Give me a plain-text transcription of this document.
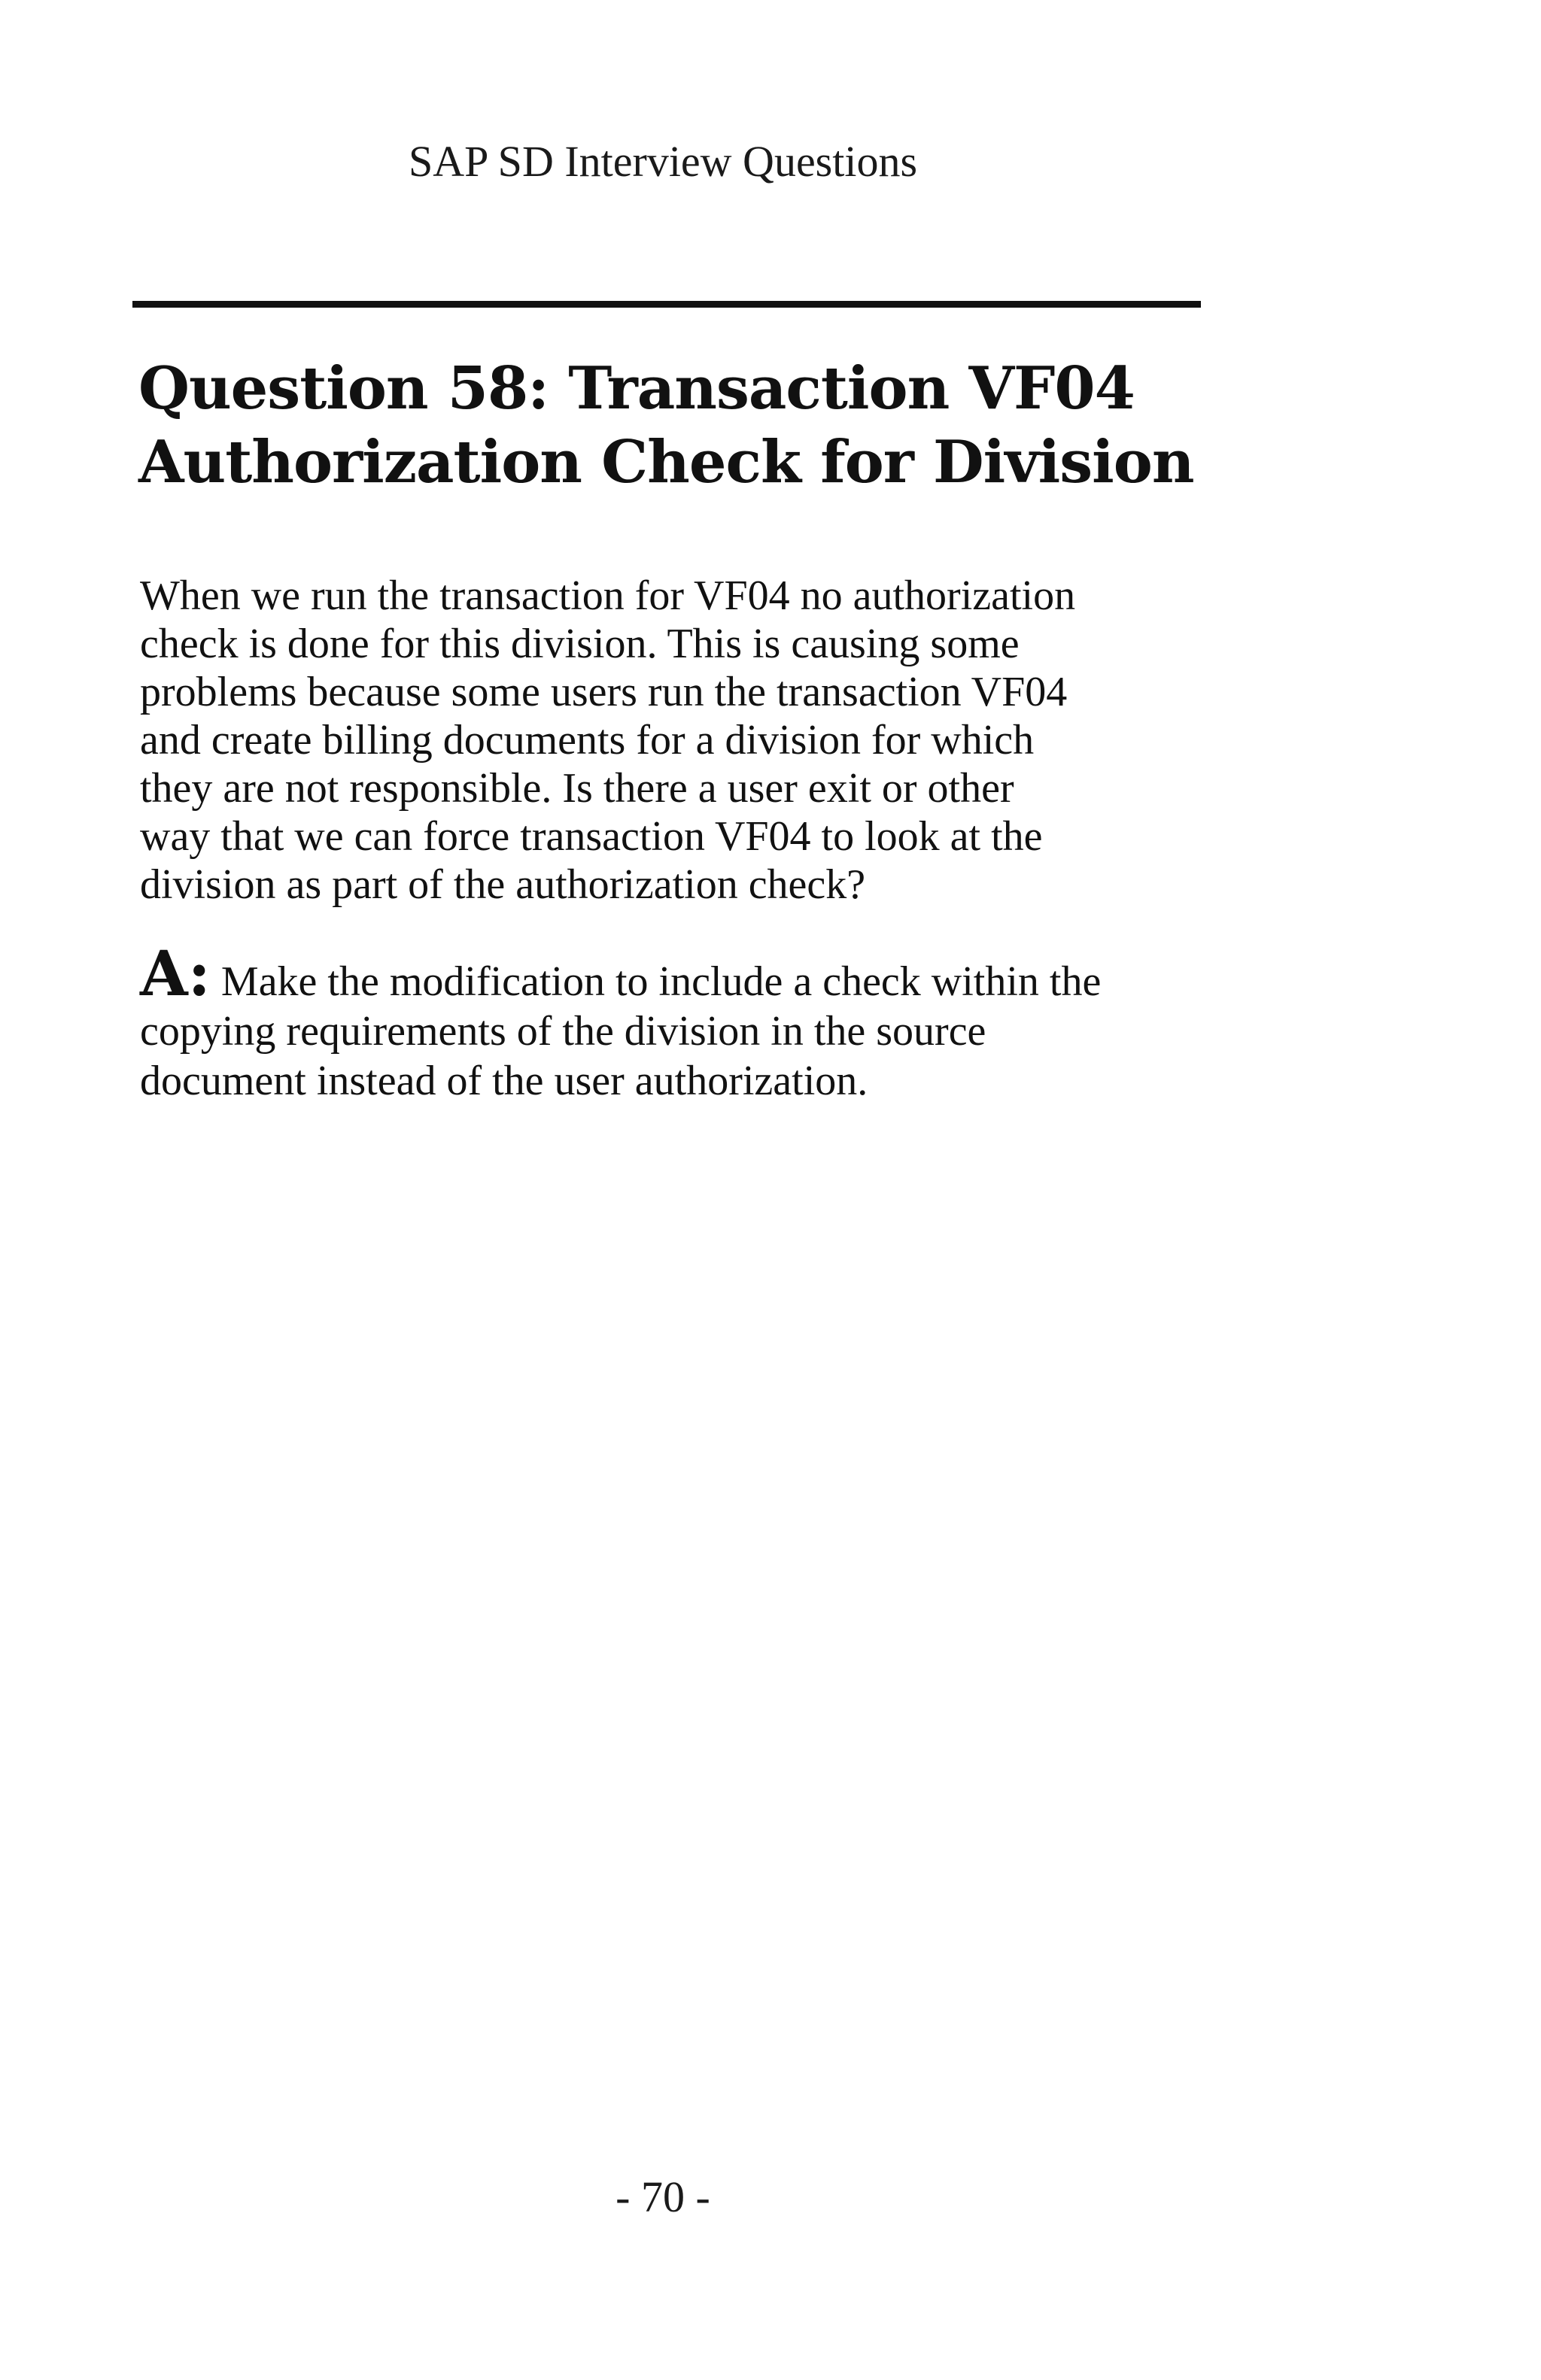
SAP SD Interview Questions
Question 58: Transaction VF04
Authorization Check for Division

When we run the transaction for VF04 no authorization
check is done for this division. This is causing some
problems because some users run the transaction VF04
and create billing documents for a division for which
they are not responsible. Is there a user exit or other
way that we can force transaction VF04 to look at the
division as part of the authorization check?

A: Make the modification to include a check within the
copying requirements of the division in the source
document instead of the user authorization.

- 70 -
